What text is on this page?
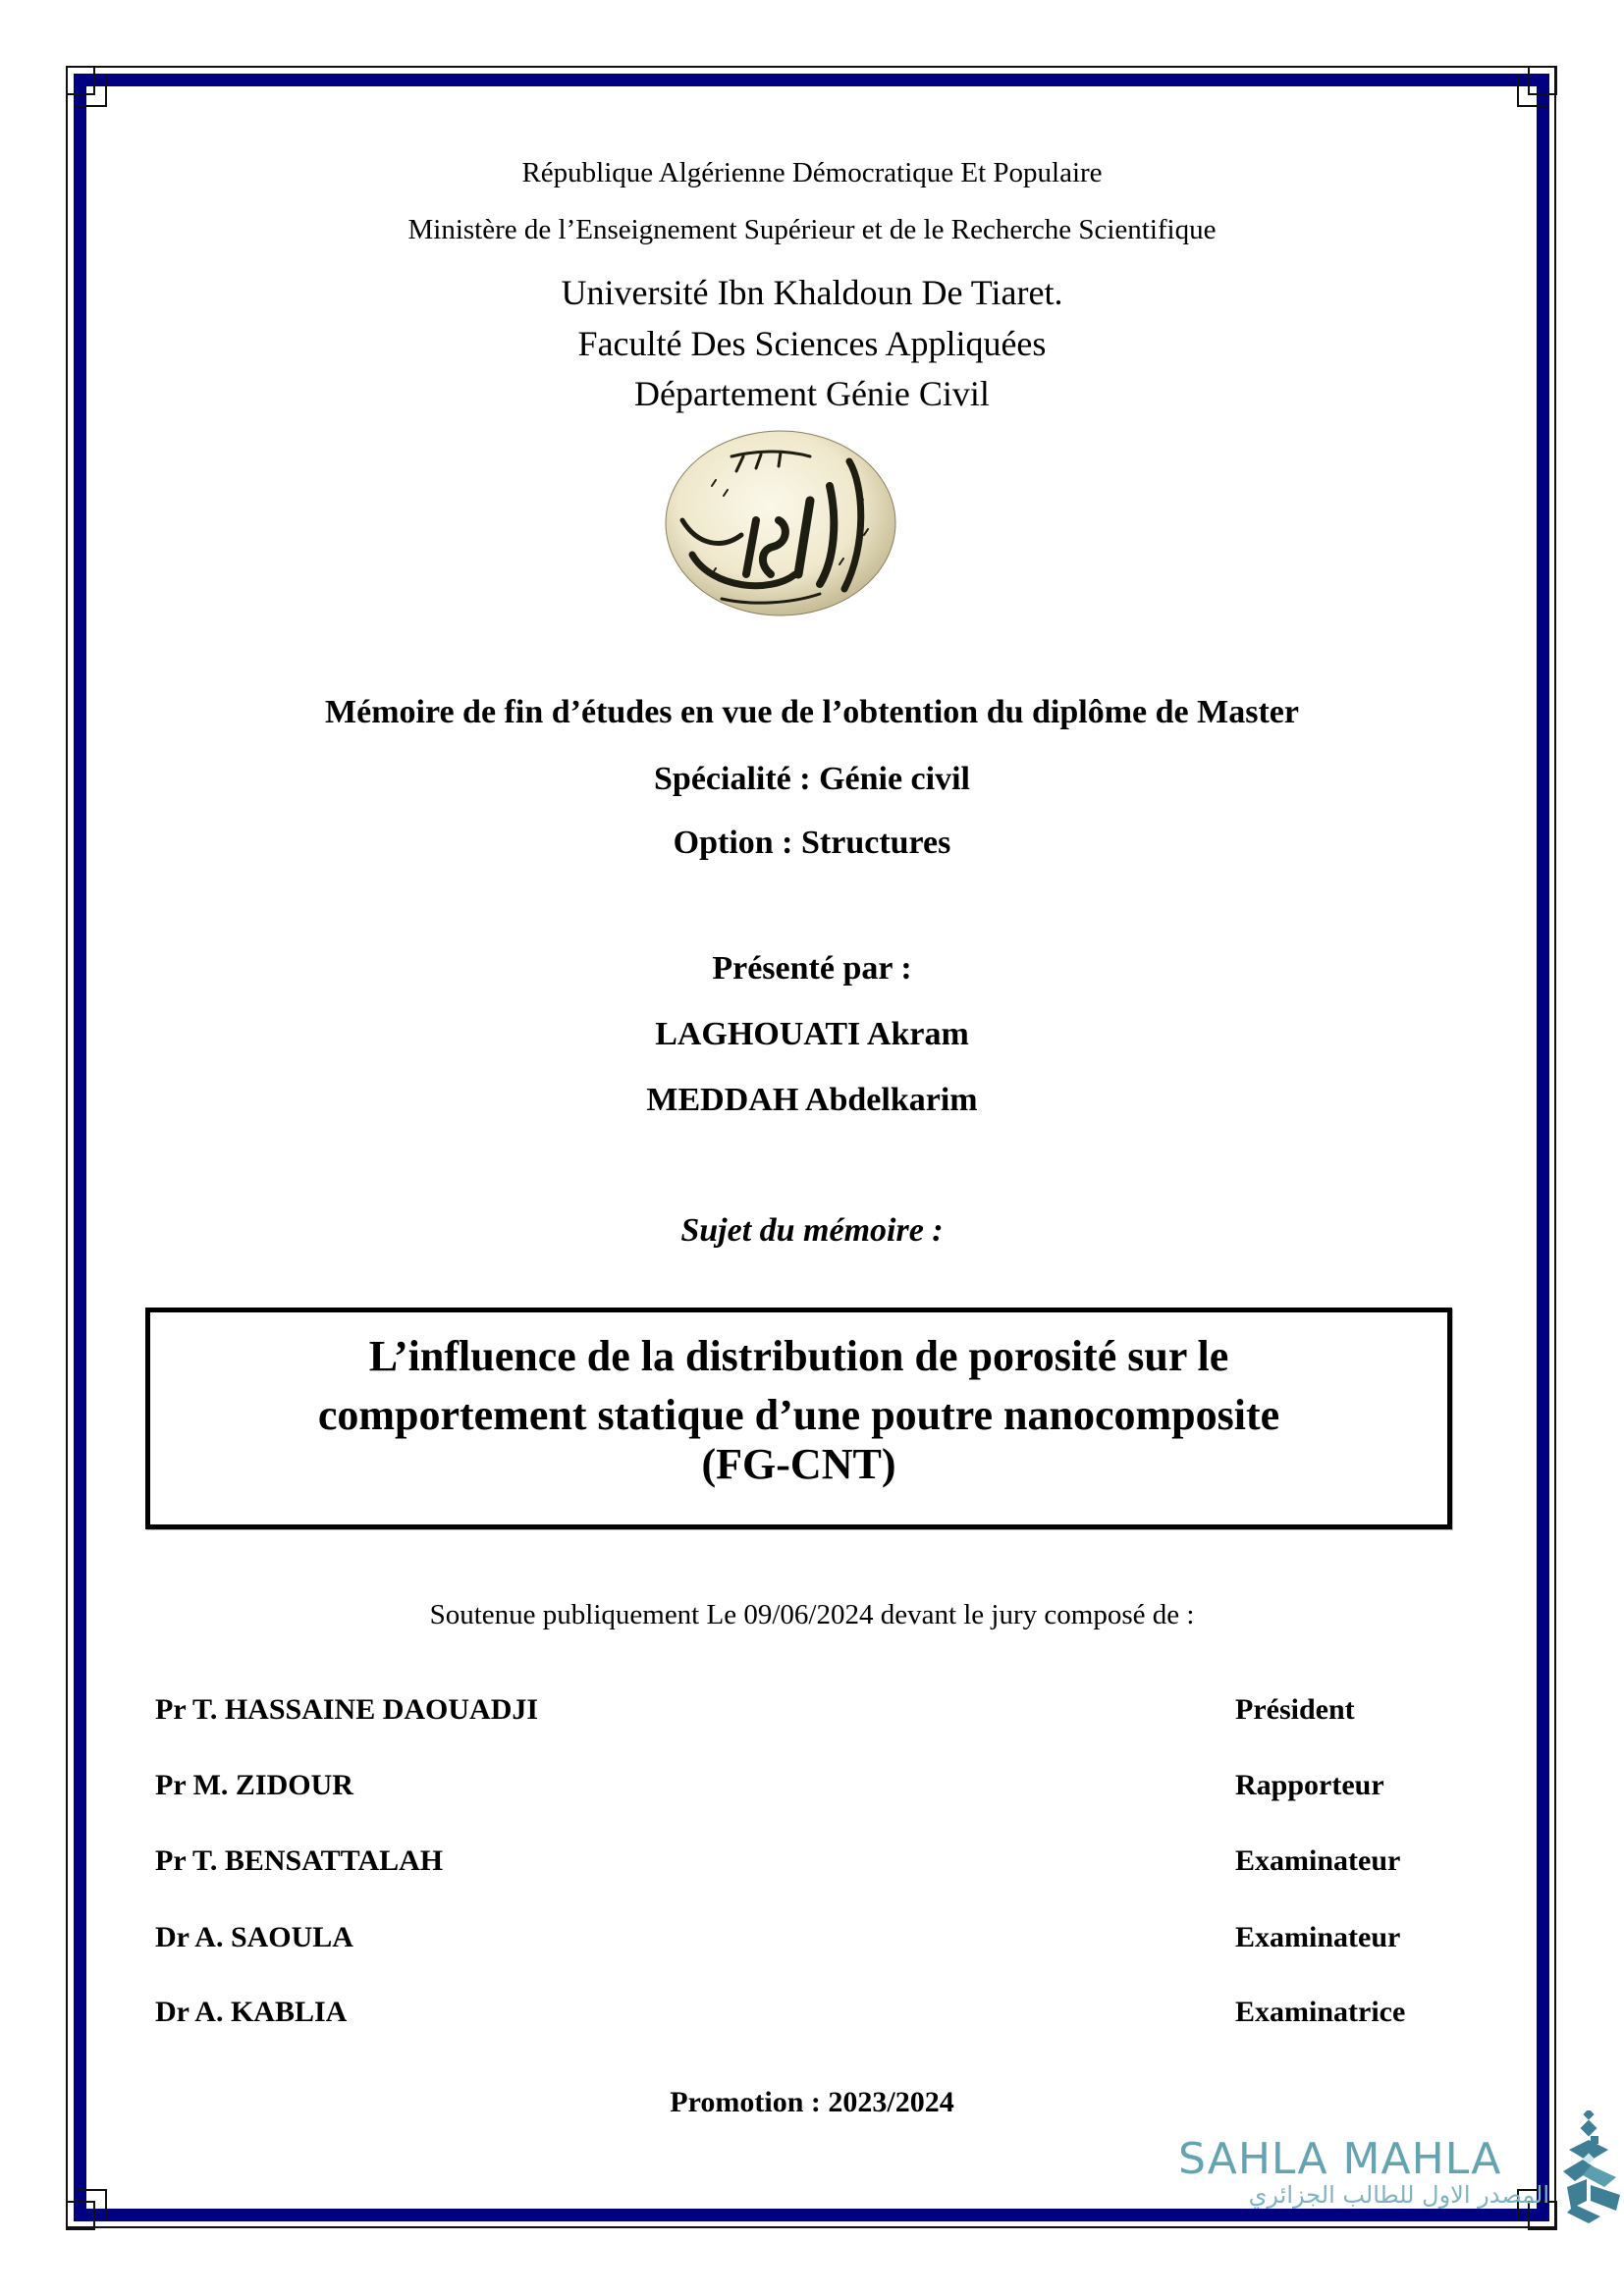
République Algérienne Démocratique Et Populaire
Ministère de l’Enseignement Supérieur et de le Recherche Scientifique
Université Ibn Khaldoun De Tiaret.
Faculté Des Sciences Appliquées
Département Génie Civil
Mémoire de fin d’études en vue de l’obtention du diplôme de Master
Spécialité : Génie civil
Option : Structures
Présenté par :
LAGHOUATI Akram
MEDDAH Abdelkarim
Sujet du mémoire :
L’influence de la distribution de porosité sur le
comportement statique d’une poutre nanocomposite
(FG-CNT)
Soutenue publiquement Le 09/06/2024 devant le jury composé de :
Pr T. HASSAINE DAOUADJI	Président
Pr M. ZIDOUR	Rapporteur
Pr T. BENSATTALAH	Examinateur
Dr A. SAOULA	Examinateur
Dr A. KABLIA	Examinatrice
Promotion : 2023/2024
SAHLA MAHLA
المصدر الاول للطالب الجزائري
